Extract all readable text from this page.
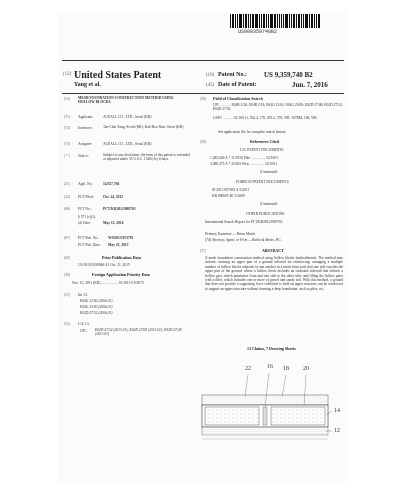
US009359740B2
(12) United States Patent
Yang et al.
(10) Patent No.: US 9,359,740 B2
(45) Date of Patent:	Jun. 7, 2016
(54) MESH FOUNDATION CONSTRUCTION METHOD USING HOLLOW BLOCKS
(71) Applicant:	ACEALL CO., LTD., Seoul (KR)
(72) Inventors:	Tae-Chul Yang, Seoul (KR); Kab-Boo Kim, Seoul (KR)
(73) Assignee:	ACEALL CO., LTD., Seoul (KR)
( * ) Notice:	Subject to any disclaimer, the term of this patent is extended or adjusted under 35 U.S.C. 154(b) by 0 days.
(21) Appl. No.:	14/357,766
(22) PCT Filed:	Oct. 24, 2012
(86) PCT No.:	PCT/KR2012/008765
§ 371 (c)(1),
(2) Date:	May 12, 2014
(87) PCT Pub. No.: WO2013/073781
PCT Pub. Date: May 23, 2013
(65)	Prior Publication Data
US 2015/0330066 A1 Oct. 21, 2015
(30)	Foreign Application Priority Data
Nov. 15, 2011 (KR) .................. 10-2011-0118573
(51) Int. Cl.
E04G 21/00 (2006.01)
E04G 23/00 (2006.01)
E02D 27/32 (2006.01)
(52) U.S. Cl.
CPC E02D 27/32 (2013.01); E02D 27/08 (2013.01); E02D 27/28 (2013.01)
(58) Field of Classification Search
CPC ........... E04B 2/26; E04B 2/18; E04G 21/02; E04G 23/00; E02D 27/08; E02D 27/32; E02D 27/34
USPC ........... 52/169.11, 562.4, 170, 293.2, 379, 505, 167RM, 168, 586
See application file for complete search history.
(56)	References Cited
U.S. PATENT DOCUMENTS
1,285,646 A * 11/1918 Pike ................ 52/169.1
3,086,375 A * 4/1963 Weir ................ 52/169.1
(Continued)
FOREIGN PATENT DOCUMENTS
JP 2011-097693 A 5/2011
KR 890605 B1 3/2009
(Continued)
OTHER PUBLICATIONS
International Search Report for PCT/KR2012/008765.
Primary Examiner — Brian Mattei
(74) Attorney, Agent, or Firm — Rabin & Berdo, P.C.
(57)	ABSTRACT
A mesh foundation construction method using hollow blocks (embodiment). The method may include: forming an upper part of a ground selected for reinforcing; arranging a multiple number of hollow blocks adjacent to one another in a mesh form such that one side touches the upper part of the ground, where a hollow block includes an outboard sidewall that defines a hollow part, which penetrates from and one side to the other side; and filling the hollow parts with a filler, which includes one or more of gravel and sandy soil. With this method, a ground that does not provide a supporting force sufficient to hold an upper structure can be reinforced to support an upper structure without forming a deep foundation, such as piles, etc.
13 Claims, 7 Drawing Sheets
22	16 18 20
14
12
